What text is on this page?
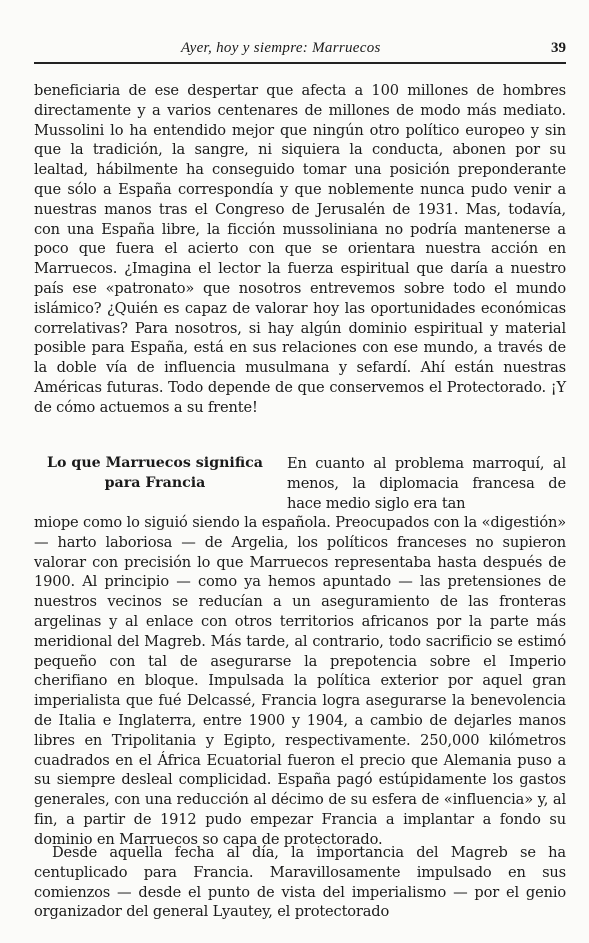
Ayer, hoy y siempre: Marruecos	39

beneficiaria de ese despertar que afecta a 100 millones de hombres directamente y a varios centenares de millones de modo más mediato. Mussolini lo ha entendido mejor que ningún otro político europeo y sin que la tradición, la sangre, ni siquiera la conducta, abonen por su lealtad, hábilmente ha conseguido tomar una posición preponderante que sólo a España correspondía y que noblemente nunca pudo venir a nuestras manos tras el Congreso de Jerusalén de 1931. Mas, todavía, con una España libre, la ficción mussoliniana no podría mantenerse a poco que fuera el acierto con que se orientara nuestra acción en Marruecos. ¿Imagina el lector la fuerza espiritual que daría a nuestro país ese «patronato» que nosotros entrevemos sobre todo el mundo islámico? ¿Quién es capaz de valorar hoy las oportunidades económicas correlativas? Para nosotros, si hay algún dominio espiritual y material posible para España, está en sus relaciones con ese mundo, a través de la doble vía de influencia musulmana y sefardí. Ahí están nuestras Américas futuras. Todo depende de que conservemos el Protectorado. ¡Y de cómo actuemos a su frente!

Lo que Marruecos significa para Francia

En cuanto al problema marroquí, al menos, la diplomacia francesa de hace medio siglo era tan

miope como lo siguió siendo la española. Preocupados con la «digestión» — harto laboriosa — de Argelia, los políticos franceses no supieron valorar con precisión lo que Marruecos representaba hasta después de 1900. Al principio — como ya hemos apuntado — las pretensiones de nuestros vecinos se reducían a un aseguramiento de las fronteras argelinas y al enlace con otros territorios africanos por la parte más meridional del Magreb. Más tarde, al contrario, todo sacrificio se estimó pequeño con tal de asegurarse la prepotencia sobre el Imperio cherifiano en bloque. Impulsada la política exterior por aquel gran imperialista que fué Delcassé, Francia logra asegurarse la benevolencia de Italia e Inglaterra, entre 1900 y 1904, a cambio de dejarles manos libres en Tripolitania y Egipto, respectivamente. 250,000 kilómetros cuadrados en el África Ecuatorial fueron el precio que Alemania puso a su siempre desleal complicidad. España pagó estúpidamente los gastos generales, con una reducción al décimo de su esfera de «influencia» y, al fin, a partir de 1912 pudo empezar Francia a implantar a fondo su dominio en Marruecos so capa de protectorado.

Desde aquella fecha al día, la importancia del Magreb se ha centuplicado para Francia. Maravillosamente impulsado en sus comienzos — desde el punto de vista del imperialismo — por el genio organizador del general Lyautey, el protectorado
